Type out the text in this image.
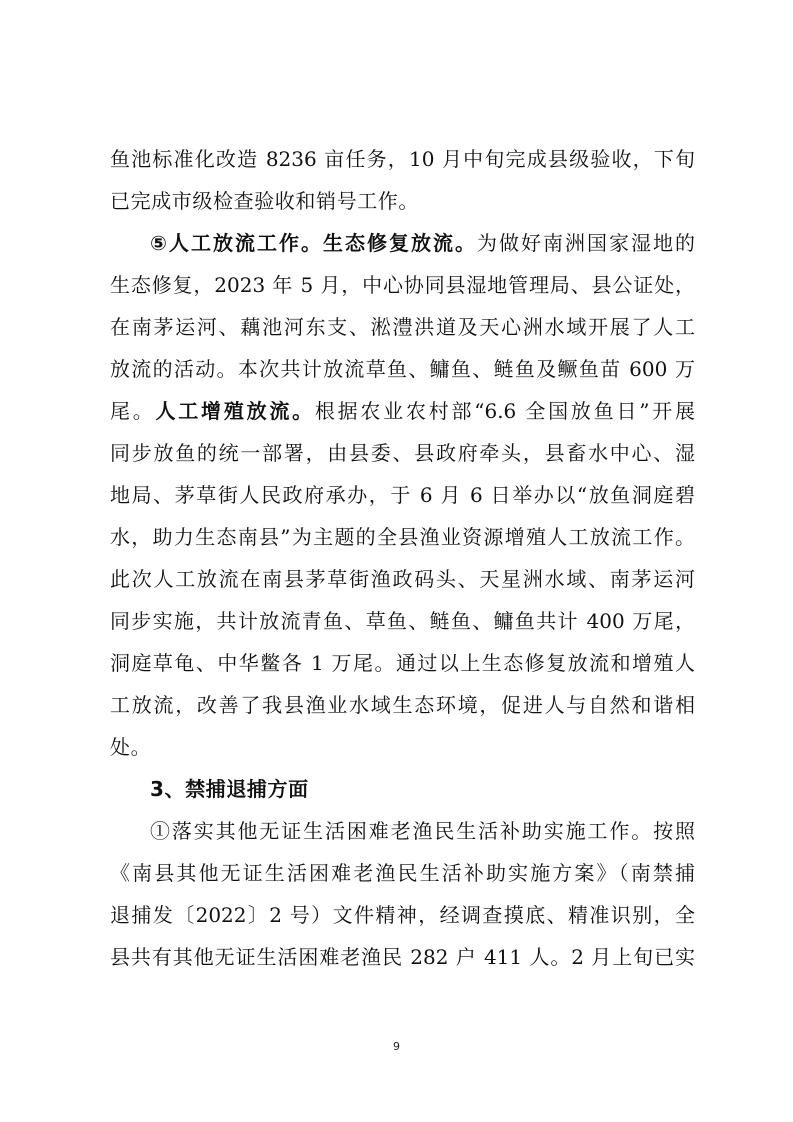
鱼池标准化改造 8236 亩任务，10 月中旬完成县级验收，下旬
已完成市级检查验收和销号工作。
⑤人工放流工作。生态修复放流。为做好南洲国家湿地的
生态修复，2023 年 5 月，中心协同县湿地管理局、县公证处，
在南茅运河、藕池河东支、淞澧洪道及天心洲水域开展了人工
放流的活动。本次共计放流草鱼、鳙鱼、鲢鱼及鳜鱼苗 600 万
尾。人工增殖放流。根据农业农村部“6.6 全国放鱼日”开展
同步放鱼的统一部署，由县委、县政府牵头，县畜水中心、湿
地局、茅草街人民政府承办，于 6 月 6 日举办以“放鱼洞庭碧
水，助力生态南县”为主题的全县渔业资源增殖人工放流工作。
此次人工放流在南县茅草街渔政码头、天星洲水域、南茅运河
同步实施，共计放流青鱼、草鱼、鲢鱼、鳙鱼共计 400 万尾，
洞庭草龟、中华鳖各 1 万尾。通过以上生态修复放流和增殖人
工放流，改善了我县渔业水域生态环境，促进人与自然和谐相
处。
3、禁捕退捕方面
①落实其他无证生活困难老渔民生活补助实施工作。按照
《南县其他无证生活困难老渔民生活补助实施方案》（南禁捕
退捕发〔2022〕2 号）文件精神，经调查摸底、精准识别，全
县共有其他无证生活困难老渔民 282 户 411 人。2 月上旬已实
9
